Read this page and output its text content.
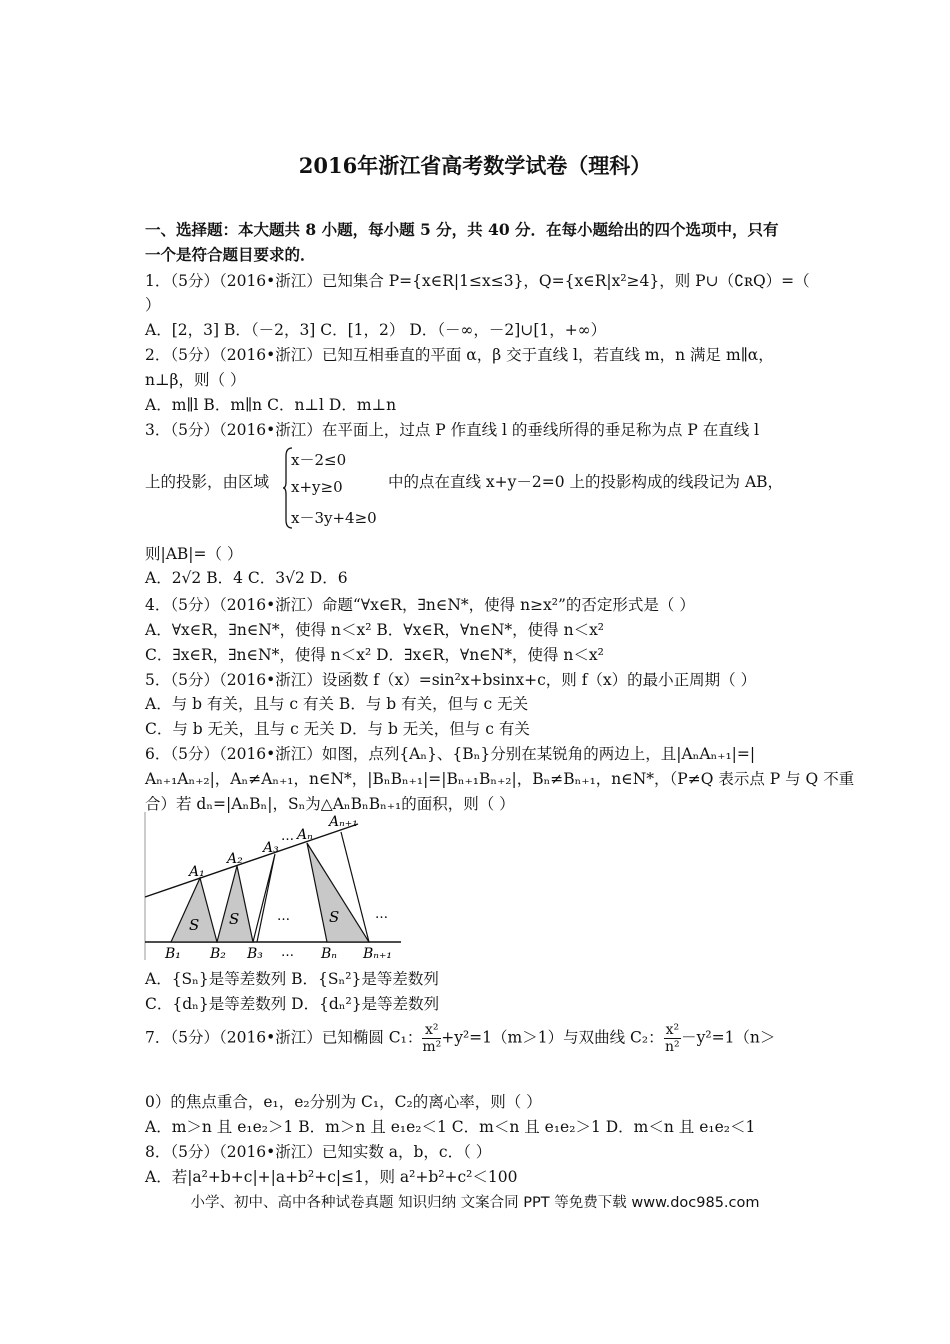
2016年浙江省高考数学试卷（理科）
一、选择题：本大题共 8 小题，每小题 5 分，共 40 分．在每小题给出的四个选项中，只有
一个是符合题目要求的．
1．（5分）（2016•浙江）已知集合 P={x∈R|1≤x≤3}，Q={x∈R|x²≥4}，则 P∪（∁ʀQ）=（
）
A．[2，3] B．（－2，3] C．[1，2） D．（－∞，－2]∪[1，+∞）
2．（5分）（2016•浙江）已知互相垂直的平面 α，β 交于直线 l，若直线 m，n 满足 m∥α，
n⊥β，则（ ）
A．m∥l B．m∥n C．n⊥l D．m⊥n
3．（5分）（2016•浙江）在平面上，过点 P 作直线 l 的垂线所得的垂足称为点 P 在直线 l
上的投影，由区域
x－2≤0
x+y≥0
x－3y+4≥0
中的点在直线 x+y－2=0 上的投影构成的线段记为 AB，
则|AB|=（ ）
A．2√2 B．4 C．3√2 D．6
4．（5分）（2016•浙江）命题“∀x∈R，∃n∈N*，使得 n≥x²”的否定形式是（ ）
A．∀x∈R，∃n∈N*，使得 n＜x² B．∀x∈R，∀n∈N*，使得 n＜x²
C．∃x∈R，∃n∈N*，使得 n＜x² D．∃x∈R，∀n∈N*，使得 n＜x²
5．（5分）（2016•浙江）设函数 f（x）=sin²x+bsinx+c，则 f（x）的最小正周期（ ）
A．与 b 有关，且与 c 有关 B．与 b 有关，但与 c 无关
C．与 b 无关，且与 c 无关 D．与 b 无关，但与 c 有关
6．（5分）（2016•浙江）如图，点列{Aₙ}、{Bₙ}分别在某锐角的两边上，且|AₙAₙ₊₁|=|
Aₙ₊₁Aₙ₊₂|，Aₙ≠Aₙ₊₁，n∈N*，|BₙBₙ₊₁|=|Bₙ₊₁Bₙ₊₂|，Bₙ≠Bₙ₊₁，n∈N*，（P≠Q 表示点 P 与 Q 不重
合）若 dₙ=|AₙBₙ|，Sₙ为△AₙBₙBₙ₊₁的面积，则（ ）
A₁
A₂
A₃
… Aₙ
Aₙ₊₁
S S	S
…	…
B₁ B₂ B₃ … Bₙ Bₙ₊₁
A．{Sₙ}是等差数列 B．{Sₙ²}是等差数列
C．{dₙ}是等差数列 D．{dₙ²}是等差数列
7．（5分）（2016•浙江）已知椭圆 C₁： $\frac{\text{x²}}{\text{m²}} +y^2=1(m>1)$与双曲线 C₂： $\frac{\text{x²}}{\text{n²}} -y^2=1(n>$
0）的焦点重合，e₁，e₂分别为 C₁，C₂的离心率，则（ ）
A．m＞n 且 e₁e₂＞1 B．m＞n 且 e₁e₂＜1 C．m＜n 且 e₁e₂＞1 D．m＜n 且 e₁e₂＜1
8．（5分）（2016•浙江）已知实数 a，b，c．（ ）
A．若|a²+b+c|+|a+b²+c|≤1，则 a²+b²+c²＜100
小学、初中、高中各种试卷真题 知识归纳 文案合同 PPT 等免费下载 www.doc985.com
